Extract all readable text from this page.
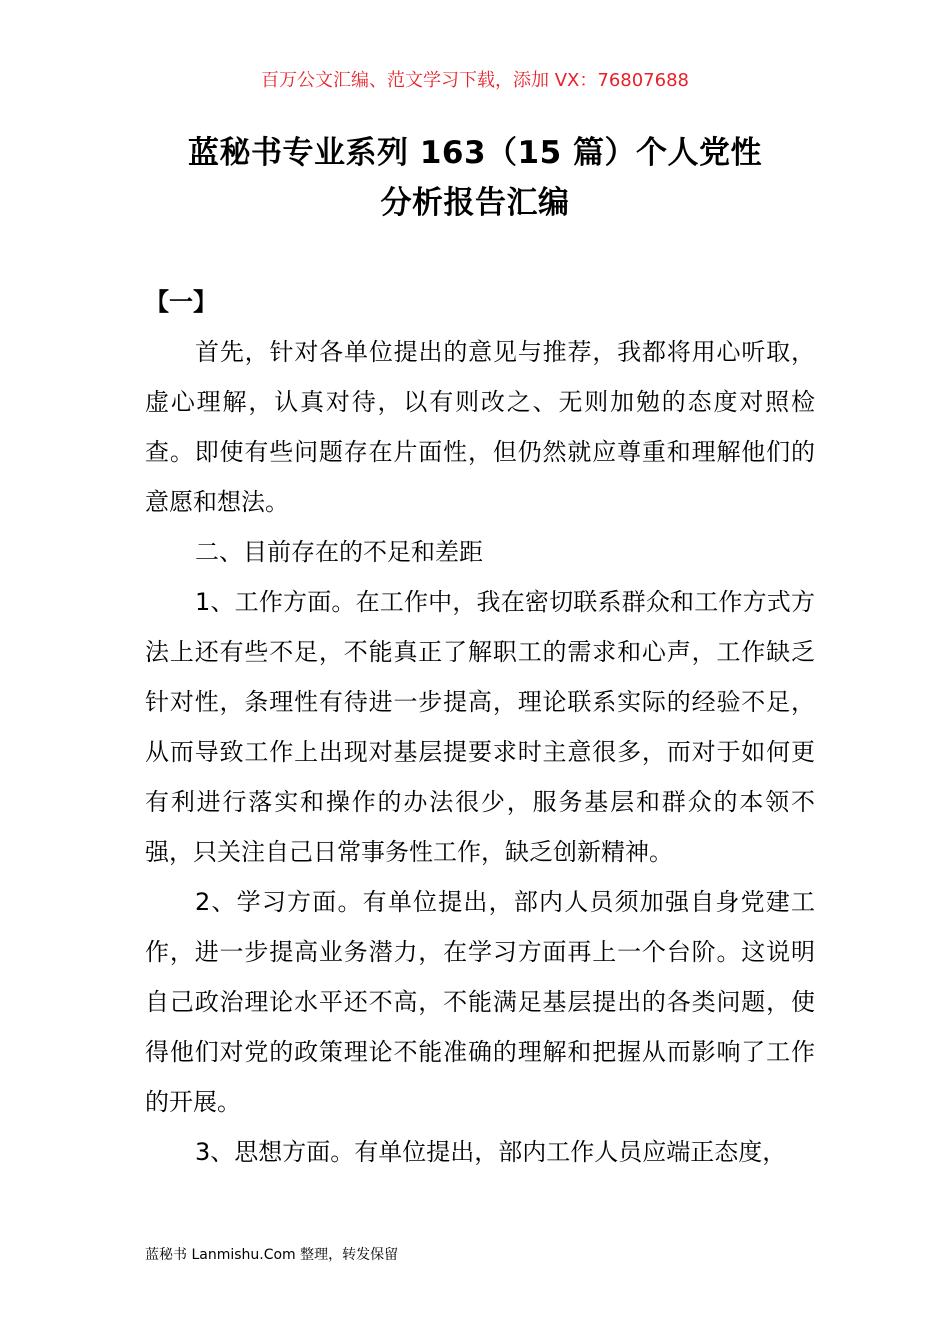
百万公文汇编、范文学习下载，添加 VX：76807688
蓝秘书专业系列 163（15 篇）个人党性
分析报告汇编

【一】

首先，针对各单位提出的意见与推荐，我都将用心听取，虚心理解，认真对待，以有则改之、无则加勉的态度对照检查。即使有些问题存在片面性，但仍然就应尊重和理解他们的意愿和想法。

二、目前存在的不足和差距

1、工作方面。在工作中，我在密切联系群众和工作方式方法上还有些不足，不能真正了解职工的需求和心声，工作缺乏针对性，条理性有待进一步提高，理论联系实际的经验不足，从而导致工作上出现对基层提要求时主意很多，而对于如何更有利进行落实和操作的办法很少，服务基层和群众的本领不强，只关注自己日常事务性工作，缺乏创新精神。

2、学习方面。有单位提出，部内人员须加强自身党建工作，进一步提高业务潜力，在学习方面再上一个台阶。这说明自己政治理论水平还不高，不能满足基层提出的各类问题，使得他们对党的政策理论不能准确的理解和把握从而影响了工作的开展。

3、思想方面。有单位提出，部内工作人员应端正态度，

蓝秘书 Lanmishu.Com 整理，转发保留
